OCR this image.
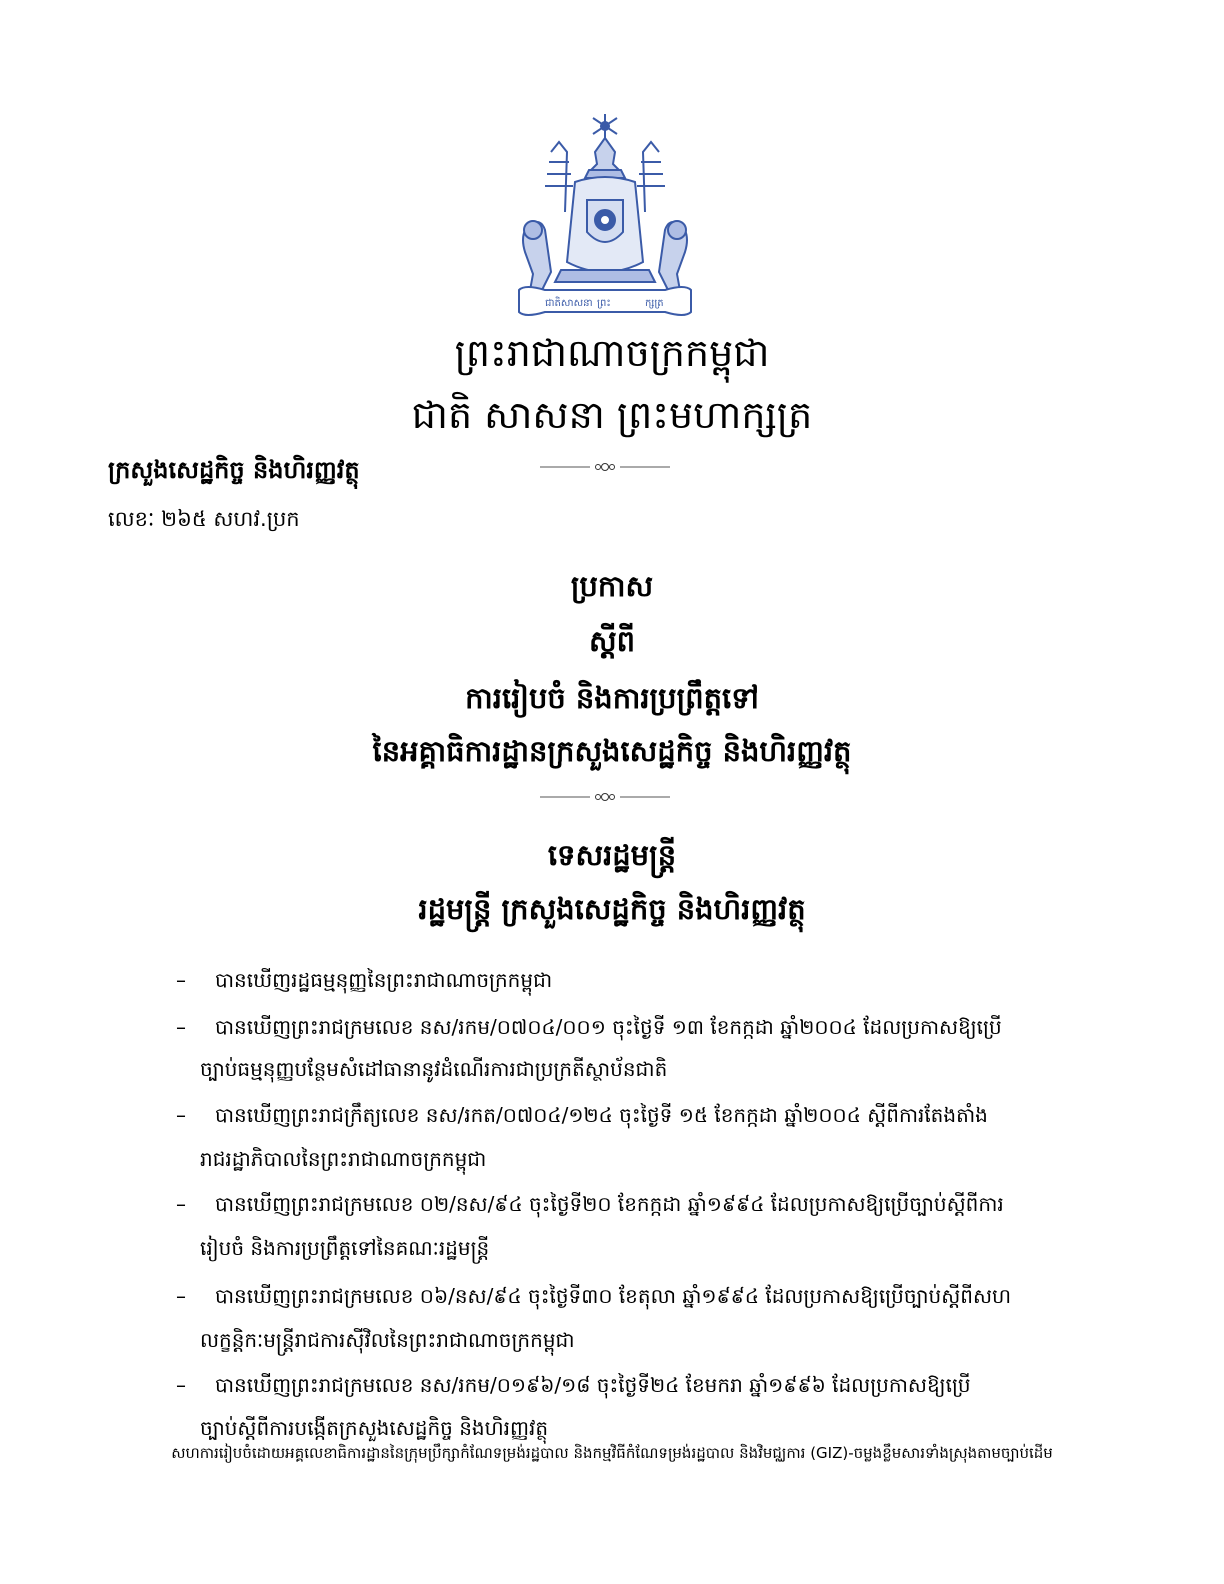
ជាតិសាសនា ព្រះ	ក្សត្រ
ព្រះរាជាណាចក្រកម្ពុជា
ជាតិ សាសនា ព្រះមហាក្សត្រ
ក្រសួងសេដ្ឋកិច្ច និងហិរញ្ញវត្ថុ
លេខៈ ២៦៥ សហវ.ប្រក
ប្រកាស
ស្តីពី
ការរៀបចំ និងការប្រព្រឹត្តទៅ
នៃអគ្គាធិការដ្ឋានក្រសួងសេដ្ឋកិច្ច និងហិរញ្ញវត្ថុ
ទេសរដ្ឋមន្ត្រី
រដ្ឋមន្ត្រី ក្រសួងសេដ្ឋកិច្ច និងហិរញ្ញវត្ថុ
– បានឃើញរដ្ឋធម្មនុញ្ញនៃព្រះរាជាណាចក្រកម្ពុជា
– បានឃើញព្រះរាជក្រមលេខ នស/រកម/០៧០៤/០០១ ចុះថ្ងៃទី ១៣ ខែកក្កដា ឆ្នាំ២០០៤ ដែលប្រកាសឱ្យប្រើ
ច្បាប់ធម្មនុញ្ញបន្ថែមសំដៅធានានូវដំណើរការជាប្រក្រតីស្ថាប័នជាតិ
– បានឃើញព្រះរាជក្រឹត្យលេខ នស/រកត/០៧០៤/១២៤ ចុះថ្ងៃទី ១៥ ខែកក្កដា ឆ្នាំ២០០៤ ស្តីពីការតែងតាំង
រាជរដ្ឋាភិបាលនៃព្រះរាជាណាចក្រកម្ពុជា
– បានឃើញព្រះរាជក្រមលេខ ០២/នស/៩៤ ចុះថ្ងៃទី២០ ខែកក្កដា ឆ្នាំ១៩៩៤ ដែលប្រកាសឱ្យប្រើច្បាប់ស្តីពីការ
រៀបចំ និងការប្រព្រឹត្តទៅនៃគណៈរដ្ឋមន្ត្រី
– បានឃើញព្រះរាជក្រមលេខ ០៦/នស/៩៤ ចុះថ្ងៃទី៣០ ខែតុលា ឆ្នាំ១៩៩៤ ដែលប្រកាសឱ្យប្រើច្បាប់ស្តីពីសហ
លក្ខន្តិកៈមន្ត្រីរាជការស៊ីវិលនៃព្រះរាជាណាចក្រកម្ពុជា
– បានឃើញព្រះរាជក្រមលេខ នស/រកម/០១៩៦/១៨ ចុះថ្ងៃទី២៤ ខែមករា ឆ្នាំ១៩៩៦ ដែលប្រកាសឱ្យប្រើ
ច្បាប់ស្តីពីការបង្កើតក្រសួងសេដ្ឋកិច្ច និងហិរញ្ញវត្ថុ
សហការរៀបចំដោយអគ្គលេខាធិការដ្ឋាននៃក្រុមប្រឹក្សាកំណែទម្រង់រដ្ឋបាល និងកម្មវិធីកំណែទម្រង់រដ្ឋបាល និងវិមជ្ឈការ (GIZ)-ចម្លងខ្លឹមសារទាំងស្រុងតាមច្បាប់ដើម
